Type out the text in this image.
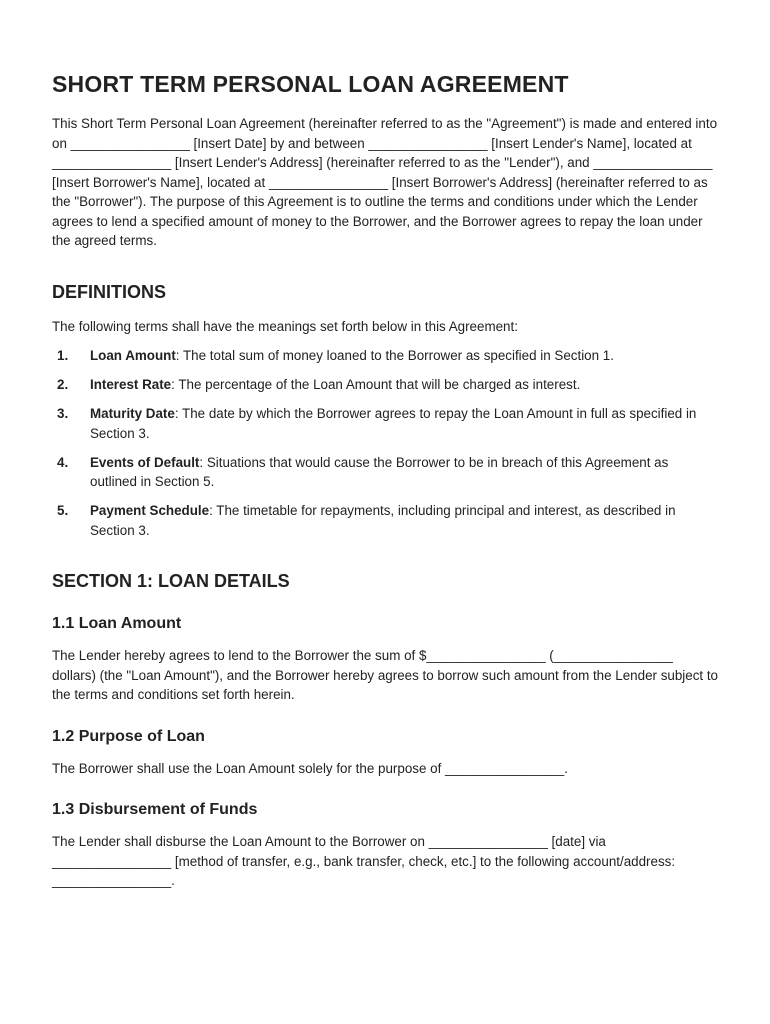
SHORT TERM PERSONAL LOAN AGREEMENT

This Short Term Personal Loan Agreement (hereinafter referred to as the "Agreement") is made and entered into on ________________ [Insert Date] by and between ________________ [Insert Lender's Name], located at ________________ [Insert Lender's Address] (hereinafter referred to as the "Lender"), and ________________ [Insert Borrower's Name], located at ________________ [Insert Borrower's Address] (hereinafter referred to as the "Borrower"). The purpose of this Agreement is to outline the terms and conditions under which the Lender agrees to lend a specified amount of money to the Borrower, and the Borrower agrees to repay the loan under the agreed terms.

DEFINITIONS

The following terms shall have the meanings set forth below in this Agreement:

1.	Loan Amount: The total sum of money loaned to the Borrower as specified in Section 1.
2.	Interest Rate: The percentage of the Loan Amount that will be charged as interest.
3.	Maturity Date: The date by which the Borrower agrees to repay the Loan Amount in full as specified in Section 3.
4.	Events of Default: Situations that would cause the Borrower to be in breach of this Agreement as outlined in Section 5.
5.	Payment Schedule: The timetable for repayments, including principal and interest, as described in Section 3.
SECTION 1: LOAN DETAILS
1.1 Loan Amount

The Lender hereby agrees to lend to the Borrower the sum of $________________ (________________ dollars) (the "Loan Amount"), and the Borrower hereby agrees to borrow such amount from the Lender subject to the terms and conditions set forth herein.

1.2 Purpose of Loan

The Borrower shall use the Loan Amount solely for the purpose of ________________.

1.3 Disbursement of Funds

The Lender shall disburse the Loan Amount to the Borrower on ________________ [date] via ________________ [method of transfer, e.g., bank transfer, check, etc.] to the following account/address: ________________.
